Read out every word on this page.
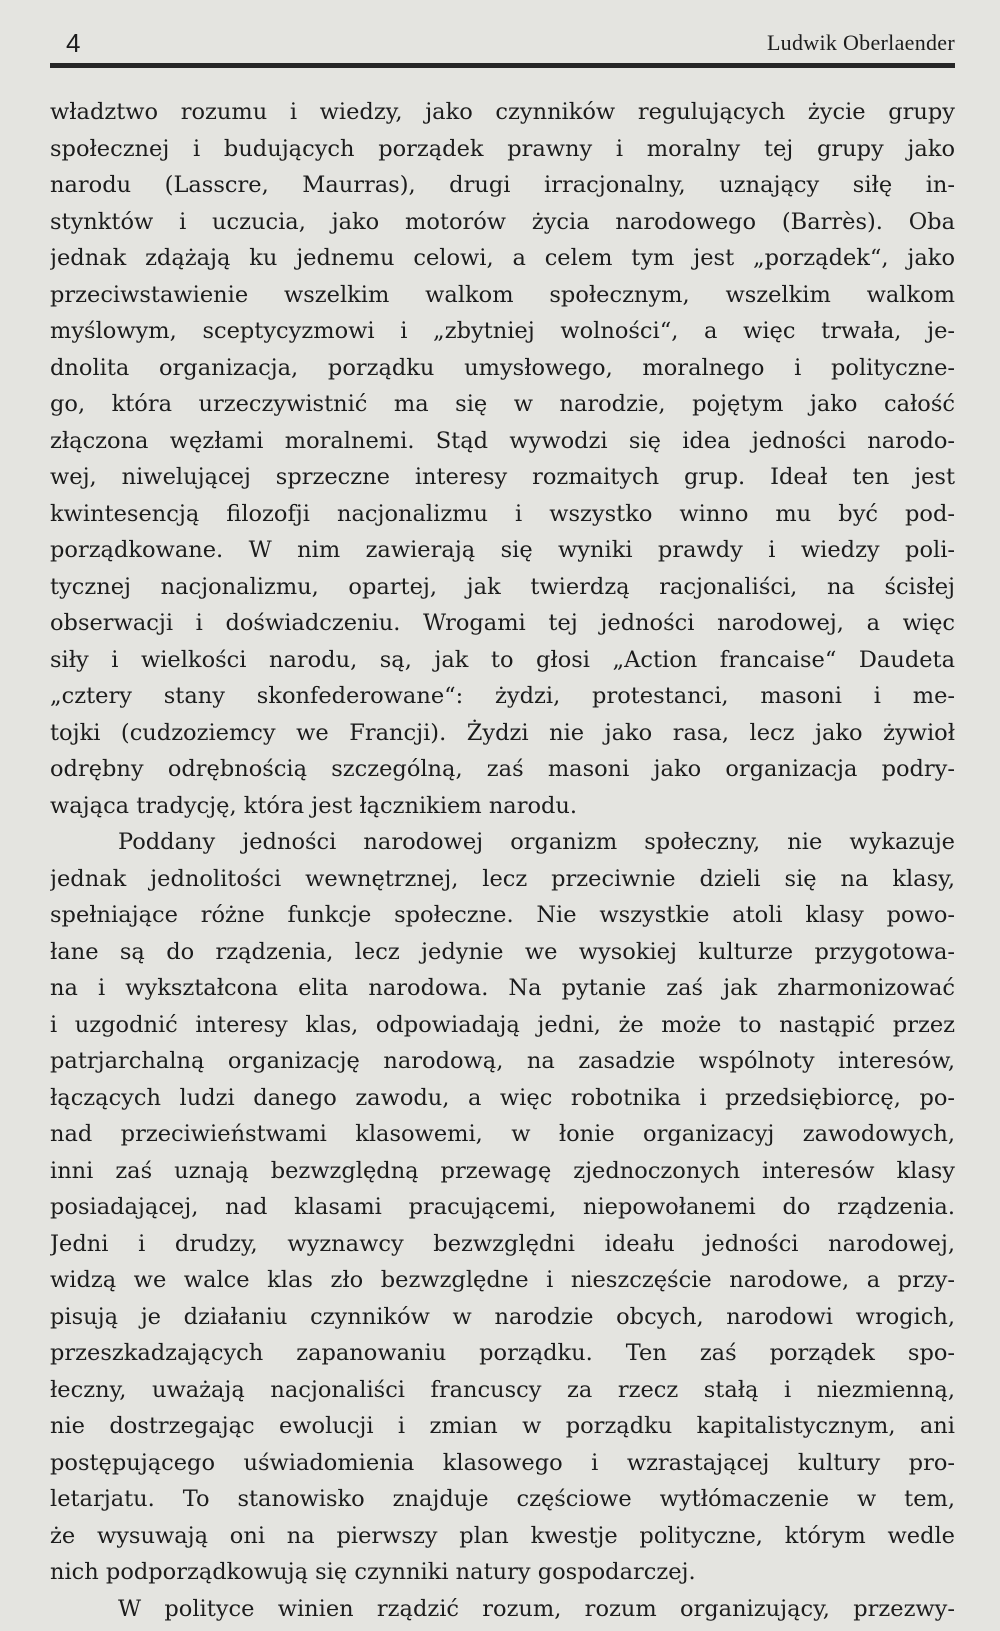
4	Ludwik Oberlaender
władztwo rozumu i wiedzy, jako czynników regulujących życie grupy
społecznej i budujących porządek prawny i moralny tej grupy jako
narodu (Lasscre, Maurras), drugi irracjonalny, uznający siłę in-
stynktów i uczucia, jako motorów życia narodowego (Barrès). Oba
jednak zdążają ku jednemu celowi, a celem tym jest „porządek“, jako
przeciwstawienie wszelkim walkom społecznym, wszelkim walkom
myślowym, sceptycyzmowi i „zbytniej wolności“, a więc trwała, je-
dnolita organizacja, porządku umysłowego, moralnego i polityczne-
go, która urzeczywistnić ma się w narodzie, pojętym jako całość
złączona węzłami moralnemi. Stąd wywodzi się idea jedności narodo-
wej, niwelującej sprzeczne interesy rozmaitych grup. Ideał ten jest
kwintesencją filozofji nacjonalizmu i wszystko winno mu być pod-
porządkowane. W nim zawierają się wyniki prawdy i wiedzy poli-
tycznej nacjonalizmu, opartej, jak twierdzą racjonaliści, na ścisłej
obserwacji i doświadczeniu. Wrogami tej jedności narodowej, a więc
siły i wielkości narodu, są, jak to głosi „Action francaise“ Daudeta
„cztery stany skonfederowane“: żydzi, protestanci, masoni i me-
tojki (cudzoziemcy we Francji). Żydzi nie jako rasa, lecz jako żywioł
odrębny odrębnością szczególną, zaś masoni jako organizacja podry-
wająca tradycję, która jest łącznikiem narodu.
Poddany jedności narodowej organizm społeczny, nie wykazuje
jednak jednolitości wewnętrznej, lecz przeciwnie dzieli się na klasy,
spełniające różne funkcje społeczne. Nie wszystkie atoli klasy powo-
łane są do rządzenia, lecz jedynie we wysokiej kulturze przygotowa-
na i wykształcona elita narodowa. Na pytanie zaś jak zharmonizować
i uzgodnić interesy klas, odpowiadają jedni, że może to nastąpić przez
patrjarchalną organizację narodową, na zasadzie wspólnoty interesów,
łączących ludzi danego zawodu, a więc robotnika i przedsiębiorcę, po-
nad przeciwieństwami klasowemi, w łonie organizacyj zawodowych,
inni zaś uznają bezwzględną przewagę zjednoczonych interesów klasy
posiadającej, nad klasami pracującemi, niepowołanemi do rządzenia.
Jedni i drudzy, wyznawcy bezwzględni ideału jedności narodowej,
widzą we walce klas zło bezwzględne i nieszczęście narodowe, a przy-
pisują je działaniu czynników w narodzie obcych, narodowi wrogich,
przeszkadzających zapanowaniu porządku. Ten zaś porządek spo-
łeczny, uważają nacjonaliści francuscy za rzecz stałą i niezmienną,
nie dostrzegając ewolucji i zmian w porządku kapitalistycznym, ani
postępującego uświadomienia klasowego i wzrastającej kultury pro-
letarjatu. To stanowisko znajduje częściowe wytłómaczenie w tem,
że wysuwają oni na pierwszy plan kwestje polityczne, którym wedle
nich podporządkowują się czynniki natury gospodarczej.
W polityce winien rządzić rozum, rozum organizujący, przezwy-
